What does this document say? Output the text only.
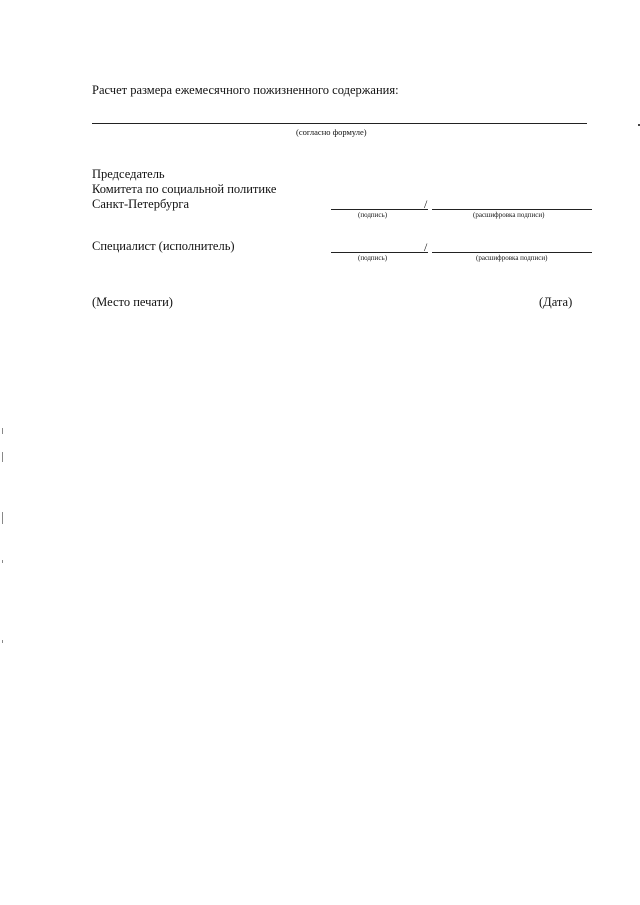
Расчет размера ежемесячного пожизненного содержания:
(согласно формуле)
Председатель
Комитета по социальной политике
Санкт-Петербурга	/
(подпись)	(расшифровка подписи)
Специалист (исполнитель)	/
(подпись)	(расшифровка подписи)
(Место печати)	(Дата)
